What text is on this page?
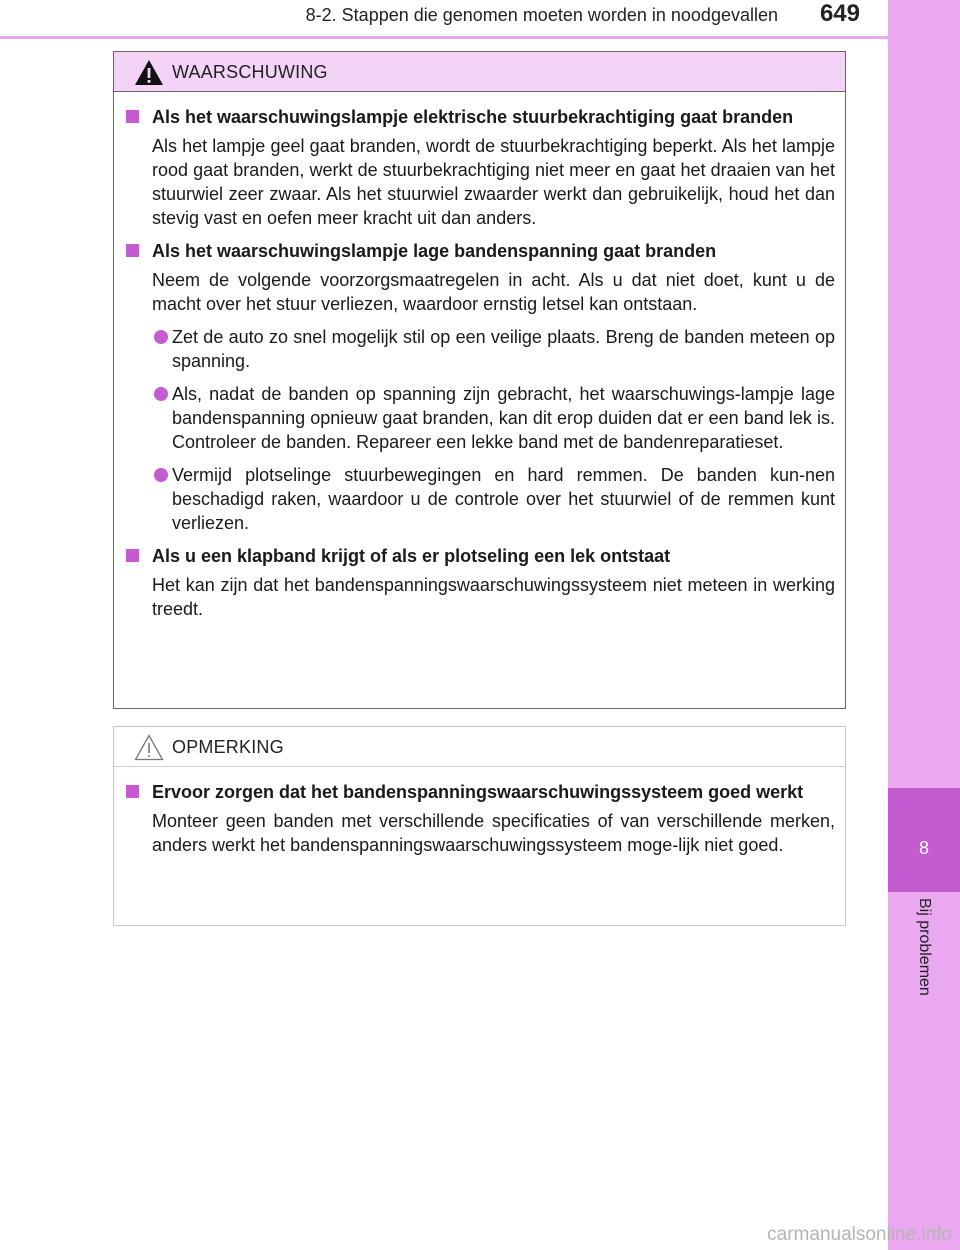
8-2. Stappen die genomen moeten worden in noodgevallen 649
8
Bij problemen
WAARSCHUWING
Als het waarschuwingslampje elektrische stuurbekrachtiging gaat branden
Als het lampje geel gaat branden, wordt de stuurbekrachtiging beperkt. Als het lampje rood gaat branden, werkt de stuurbekrachtiging niet meer en gaat het draaien van het stuurwiel zeer zwaar. Als het stuurwiel zwaarder werkt dan gebruikelijk, houd het dan stevig vast en oefen meer kracht uit dan anders.
Als het waarschuwingslampje lage bandenspanning gaat branden
Neem de volgende voorzorgsmaatregelen in acht. Als u dat niet doet, kunt u de macht over het stuur verliezen, waardoor ernstig letsel kan ontstaan.
Zet de auto zo snel mogelijk stil op een veilige plaats. Breng de banden meteen op spanning.
Als, nadat de banden op spanning zijn gebracht, het waarschuwings-lampje lage bandenspanning opnieuw gaat branden, kan dit erop duiden dat er een band lek is. Controleer de banden. Repareer een lekke band met de bandenreparatieset.
Vermijd plotselinge stuurbewegingen en hard remmen. De banden kun-nen beschadigd raken, waardoor u de controle over het stuurwiel of de remmen kunt verliezen.
Als u een klapband krijgt of als er plotseling een lek ontstaat
Het kan zijn dat het bandenspanningswaarschuwingssysteem niet meteen in werking treedt.
OPMERKING
Ervoor zorgen dat het bandenspanningswaarschuwingssysteem goed werkt
Monteer geen banden met verschillende specificaties of van verschillende merken, anders werkt het bandenspanningswaarschuwingssysteem moge-lijk niet goed.
carmanualsonline.info
